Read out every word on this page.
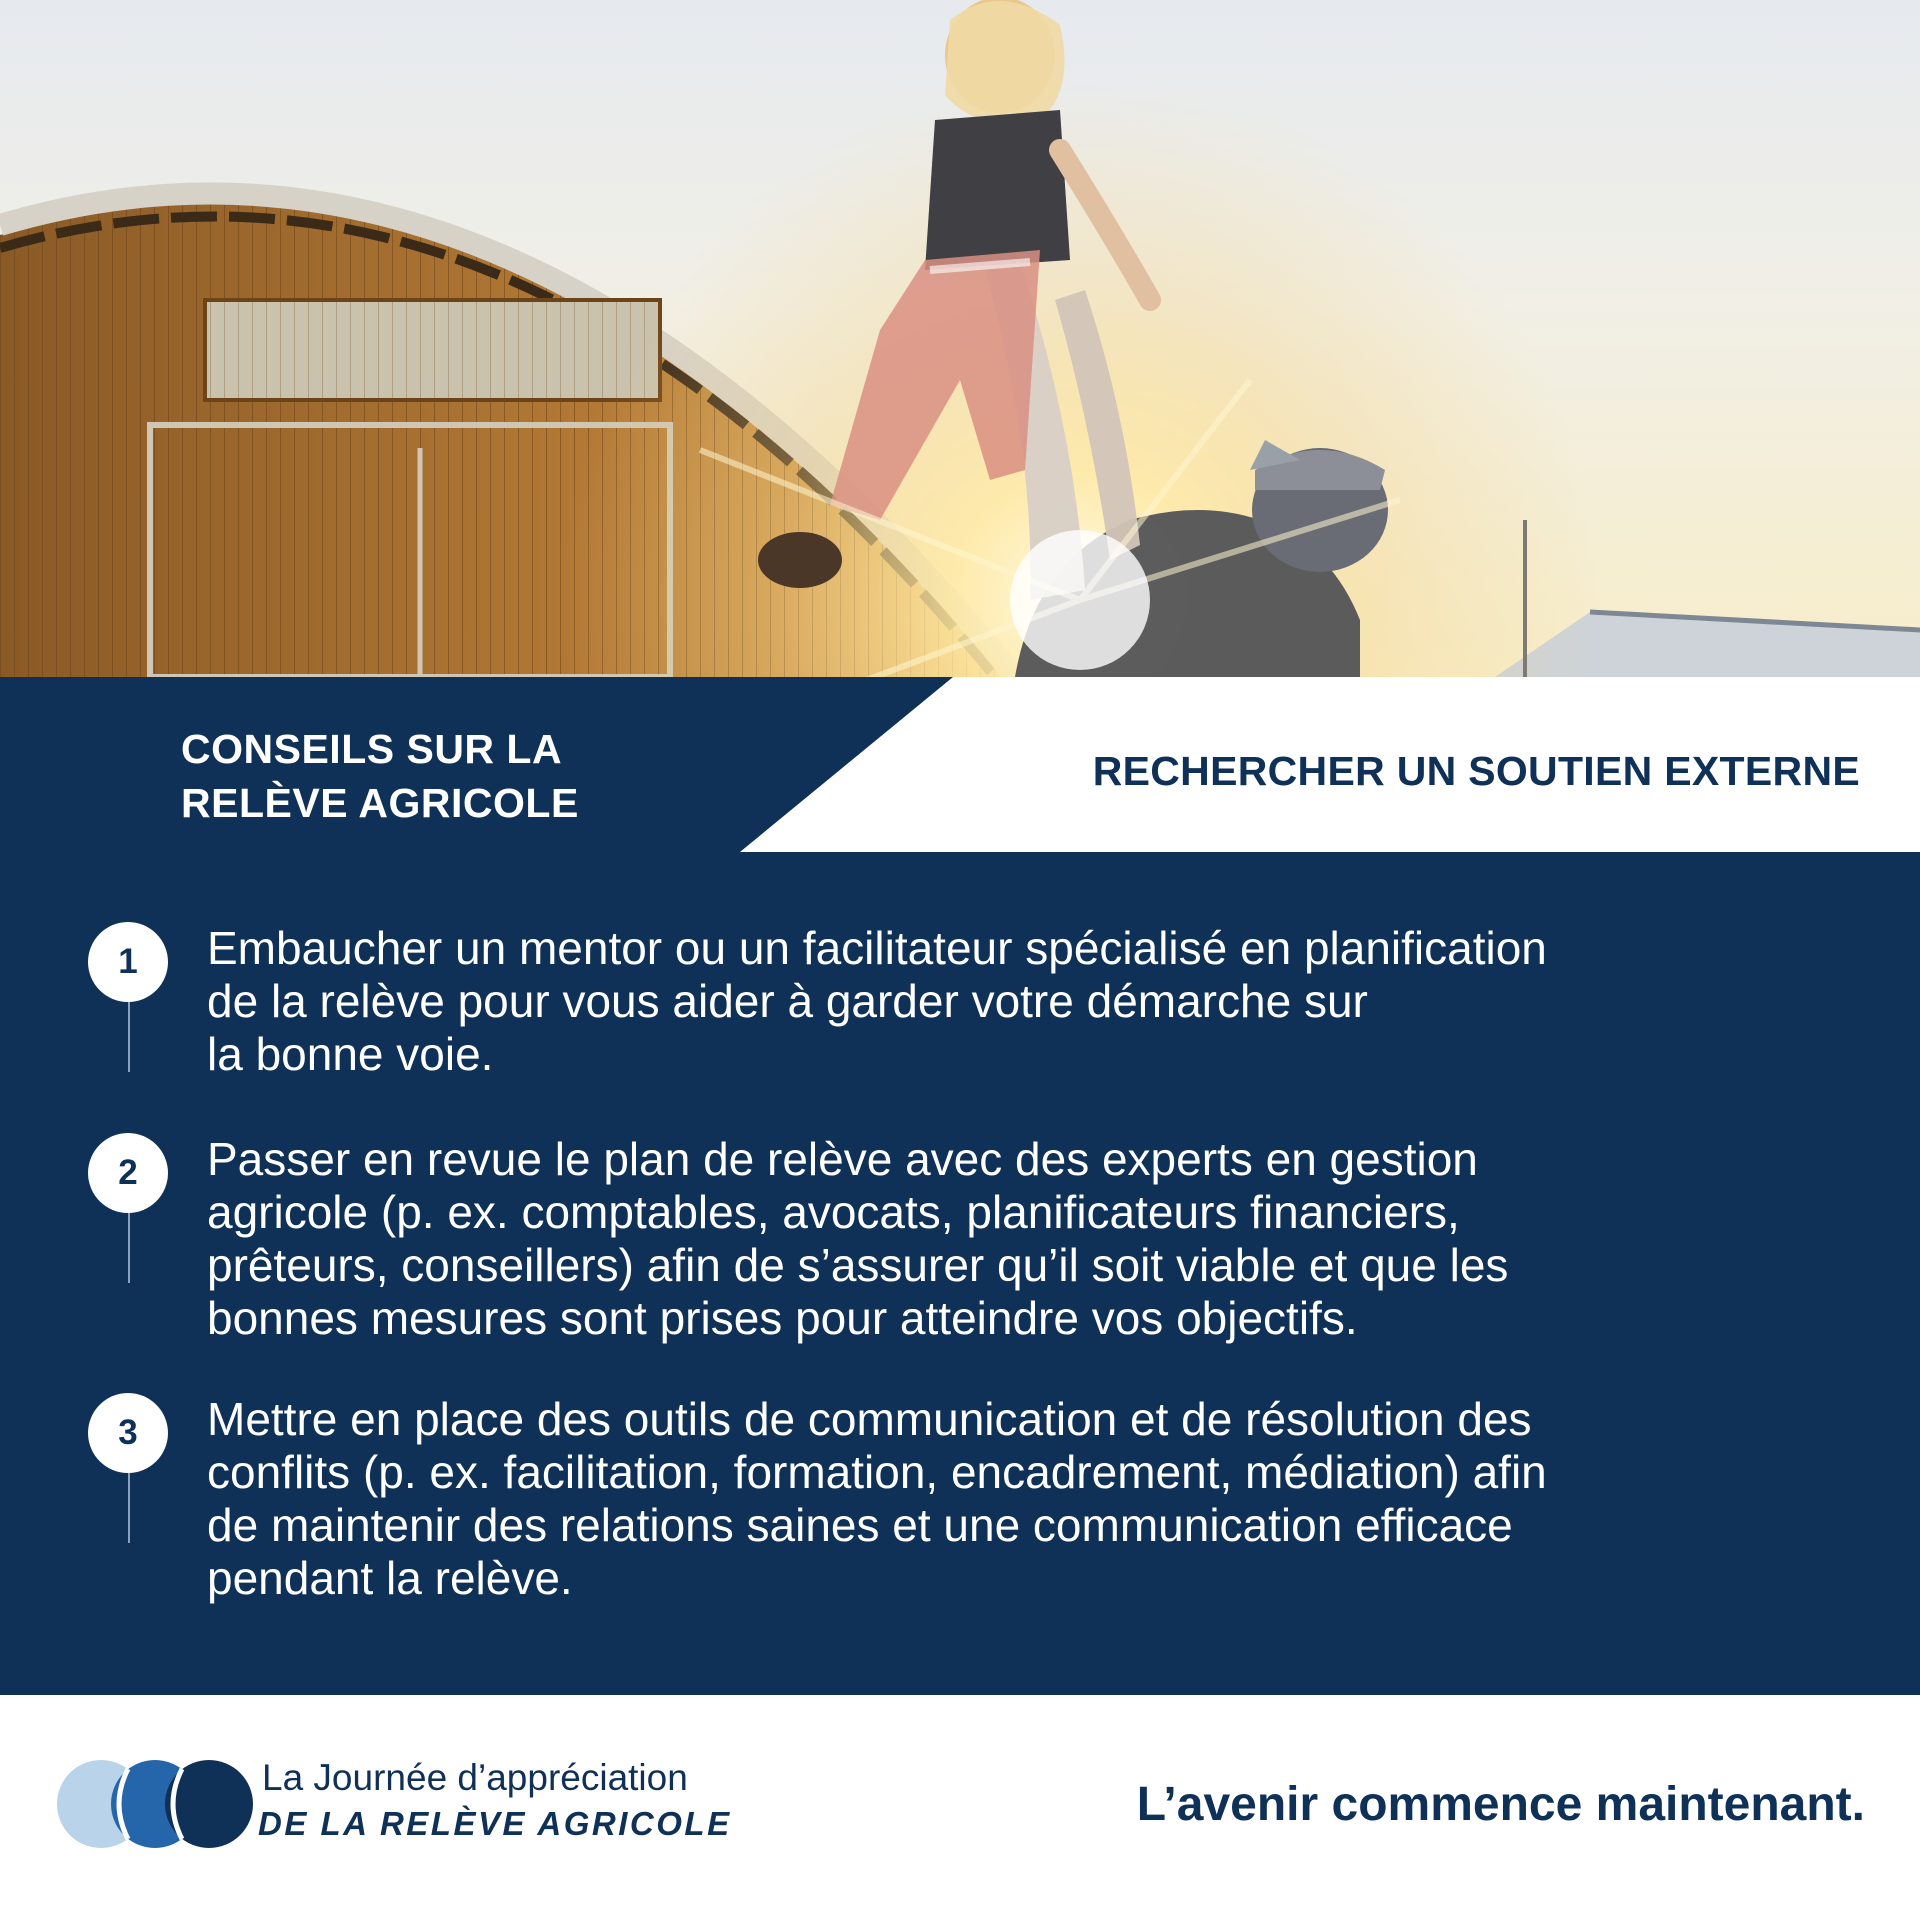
CONSEILS SUR LA
RELÈVE AGRICOLE
RECHERCHER UN SOUTIEN EXTERNE
1	Embaucher un mentor ou un facilitateur spécialisé en planification
de la relève pour vous aider à garder votre démarche sur
la bonne voie.
2	Passer en revue le plan de relève avec des experts en gestion
agricole (p. ex. comptables, avocats, planificateurs financiers,
prêteurs, conseillers) afin de s’assurer qu’il soit viable et que les
bonnes mesures sont prises pour atteindre vos objectifs.
3	Mettre en place des outils de communication et de résolution des
conflits (p. ex. facilitation, formation, encadrement, médiation) afin
de maintenir des relations saines et une communication efficace
pendant la relève.
La Journée d’appréciation
DE LA RELÈVE AGRICOLE	L’avenir commence maintenant.
